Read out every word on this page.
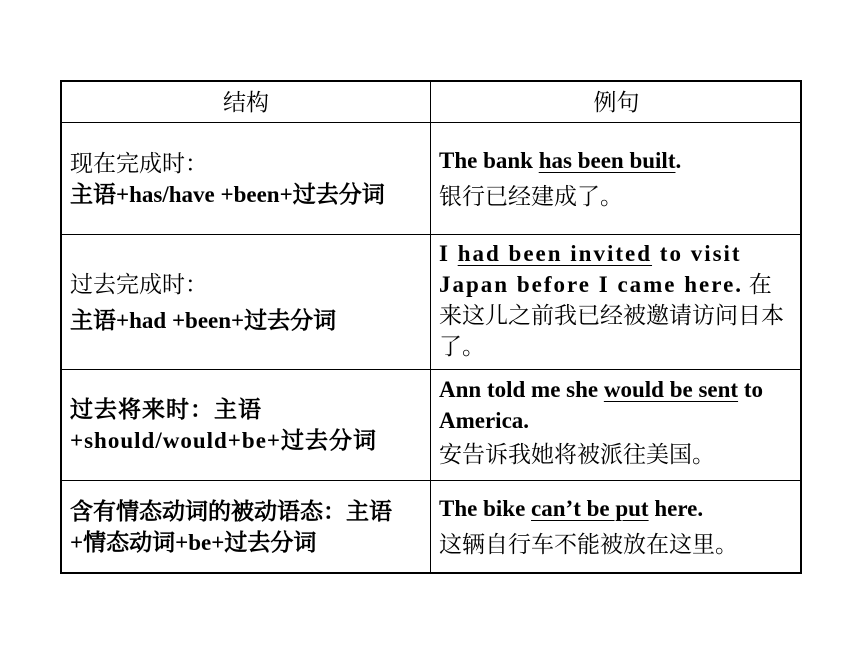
结构	例句
现在完成时：
主语+has/have +been+过去分词
The bank has been built.
银行已经建成了。
过去完成时：
主语+had +been+过去分词
I had been invited to visit Japan before I came here. 在来这儿之前我已经被邀请访问日本了。
过去将来时：主语+should/would+be+过去分词
Ann told me she would be sent to America.
安告诉我她将被派往美国。
含有情态动词的被动语态：主语+情态动词+be+过去分词
The bike can’t be put here.
这辆自行车不能被放在这里。
